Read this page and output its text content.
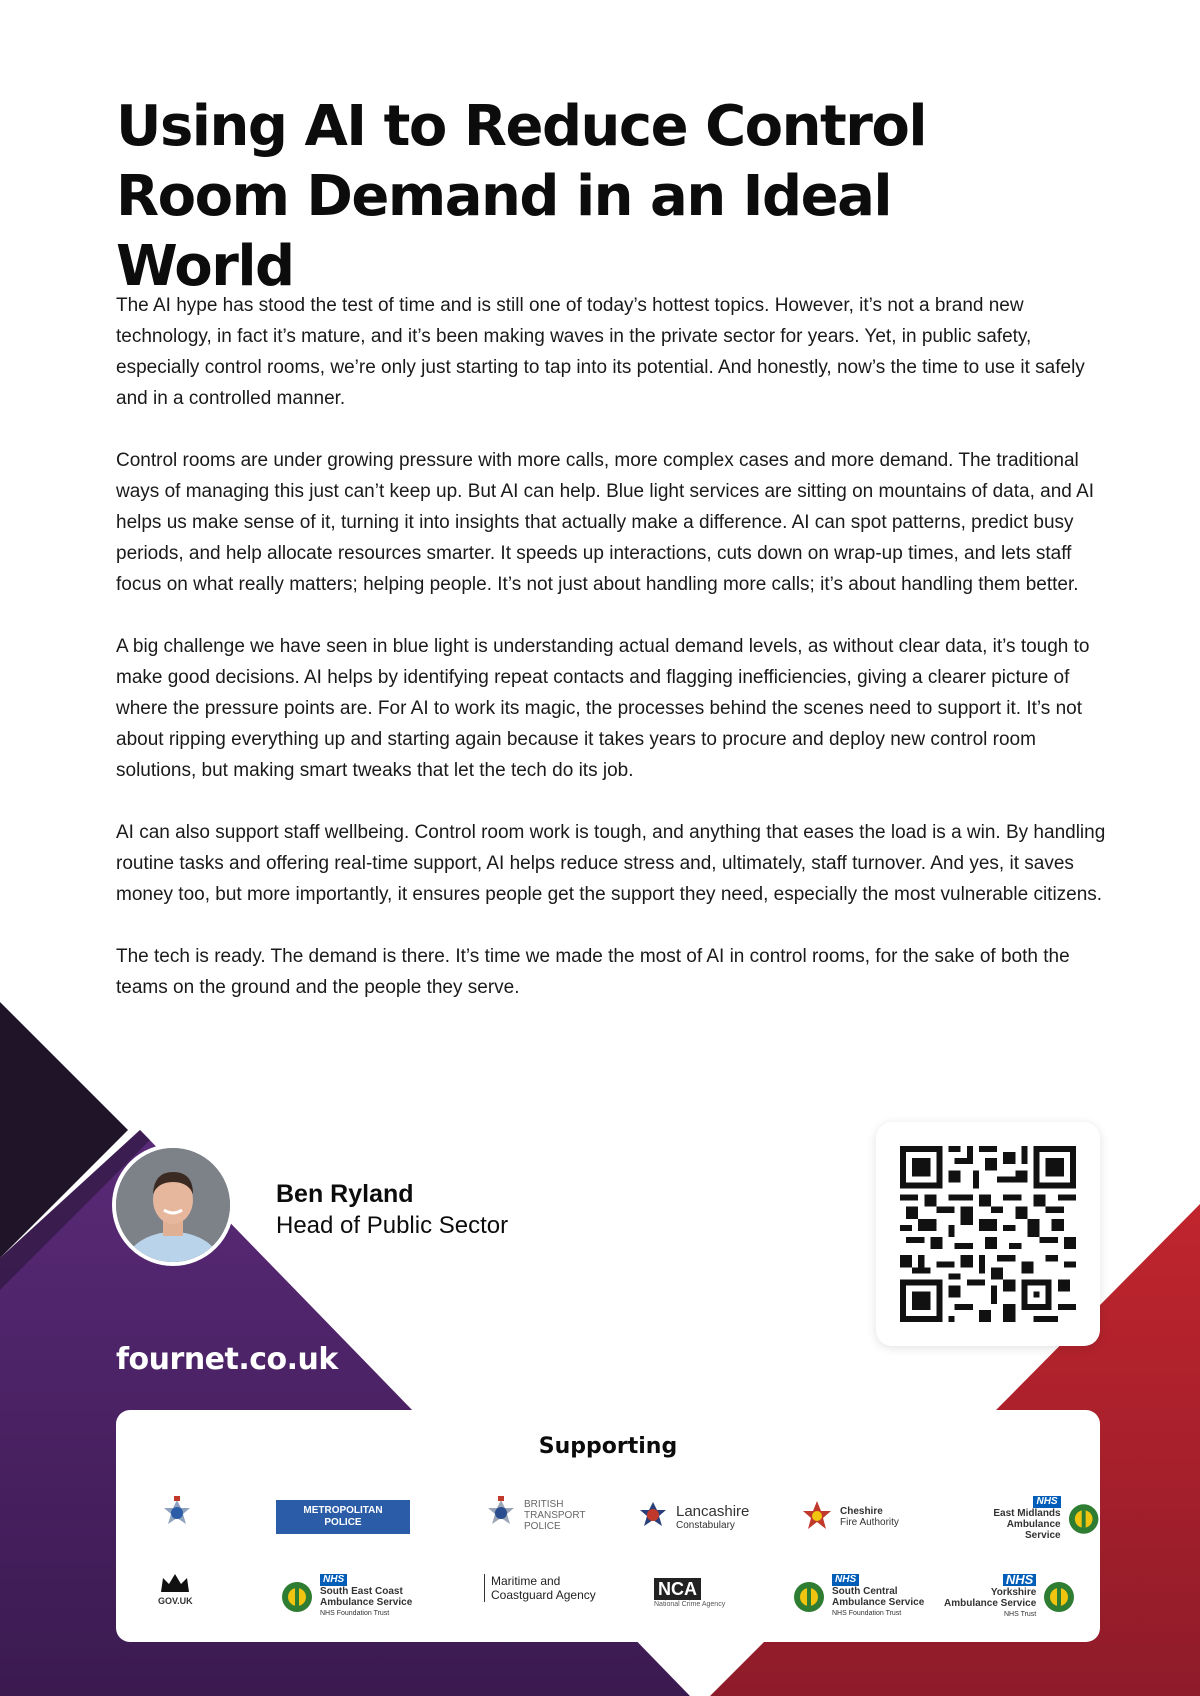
Using AI to Reduce Control
Room Demand in an Ideal World

The AI hype has stood the test of time and is still one of today’s hottest topics. However, it’s not a brand new technology, in fact it’s mature, and it’s been making waves in the private sector for years. Yet, in public safety, especially control rooms, we’re only just starting to tap into its potential. And honestly, now’s the time to use it safely and in a controlled manner.

Control rooms are under growing pressure with more calls, more complex cases and more demand. The traditional ways of managing this just can’t keep up. But AI can help. Blue light services are sitting on mountains of data, and AI helps us make sense of it, turning it into insights that actually make a difference. AI can spot patterns, predict busy periods, and help allocate resources smarter. It speeds up interactions, cuts down on wrap-up times, and lets staff focus on what really matters; helping people. It’s not just about handling more calls; it’s about handling them better.

A big challenge we have seen in blue light is understanding actual demand levels, as without clear data, it’s tough to make good decisions. AI helps by identifying repeat contacts and flagging inefficiencies, giving a clearer picture of where the pressure points are. For AI to work its magic, the processes behind the scenes need to support it. It’s not about ripping everything up and starting again because it takes years to procure and deploy new control room solutions, but making smart tweaks that let the tech do its job.

AI can also support staff wellbeing. Control room work is tough, and anything that eases the load is a win. By handling routine tasks and offering real-time support, AI helps reduce stress and, ultimately, staff turnover. And yes, it saves money too, but more importantly, it ensures people get the support they need, especially the most vulnerable citizens.

The tech is ready. The demand is there. It’s time we made the most of AI in control rooms, for the sake of both the teams on the ground and the people they serve.

Ben Ryland
Head of Public Sector
fournet.co.uk
Supporting
METROPOLITAN
POLICE
BRITISH
TRANSPORT
POLICE
Lancashire
Constabulary
Cheshire
Fire Authority
NHS
East Midlands
Ambulance Service
GOV.UK
NHS
South East Coast
Ambulance Service
NHS Foundation Trust
Maritime and
Coastguard Agency	NCA
National Crime Agency
NHS
South Central
Ambulance Service
NHS Foundation Trust
NHS
Yorkshire
Ambulance Service
NHS Trust
